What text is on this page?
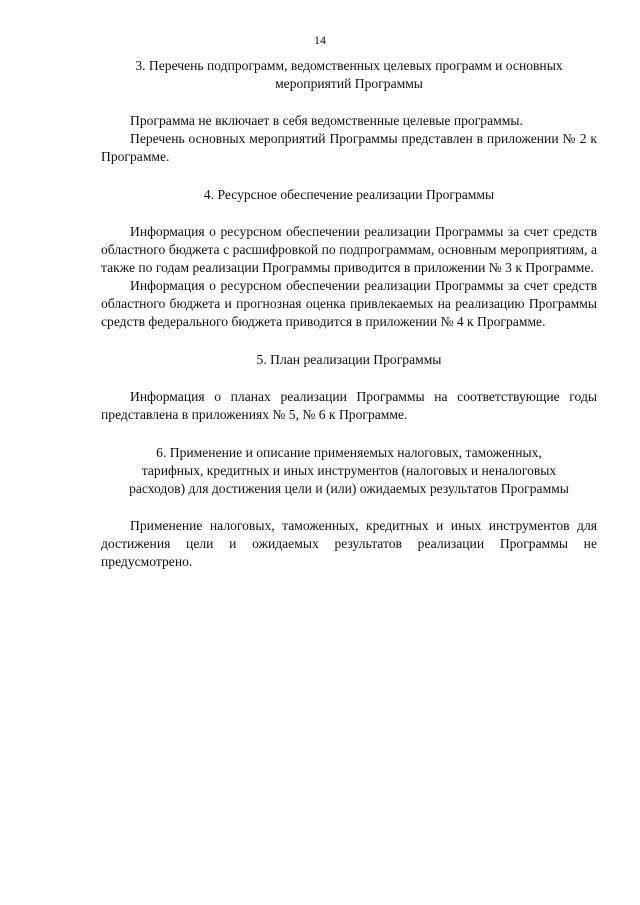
14
3. Перечень подпрограмм, ведомственных целевых программ и основных
мероприятий Программы

Программа не включает в себя ведомственные целевые программы.

Перечень основных мероприятий Программы представлен в приложении № 2 к Программе.

4. Ресурсное обеспечение реализации Программы

Информация о ресурсном обеспечении реализации Программы за счет средств областного бюджета с расшифровкой по подпрограммам, основным мероприятиям, а также по годам реализации Программы приводится в приложении № 3 к Программе.

Информация о ресурсном обеспечении реализации Программы за счет средств областного бюджета и прогнозная оценка привлекаемых на реализацию Программы средств федерального бюджета приводится в приложении № 4 к Программе.

5. План реализации Программы

Информация о планах реализации Программы на соответствующие годы представлена в приложениях № 5, № 6 к Программе.

6. Применение и описание применяемых налоговых, таможенных,
тарифных, кредитных и иных инструментов (налоговых и неналоговых
расходов) для достижения цели и (или) ожидаемых результатов Программы

Применение налоговых, таможенных, кредитных и иных инструментов для достижения цели и ожидаемых результатов реализации Программы не предусмотрено.
